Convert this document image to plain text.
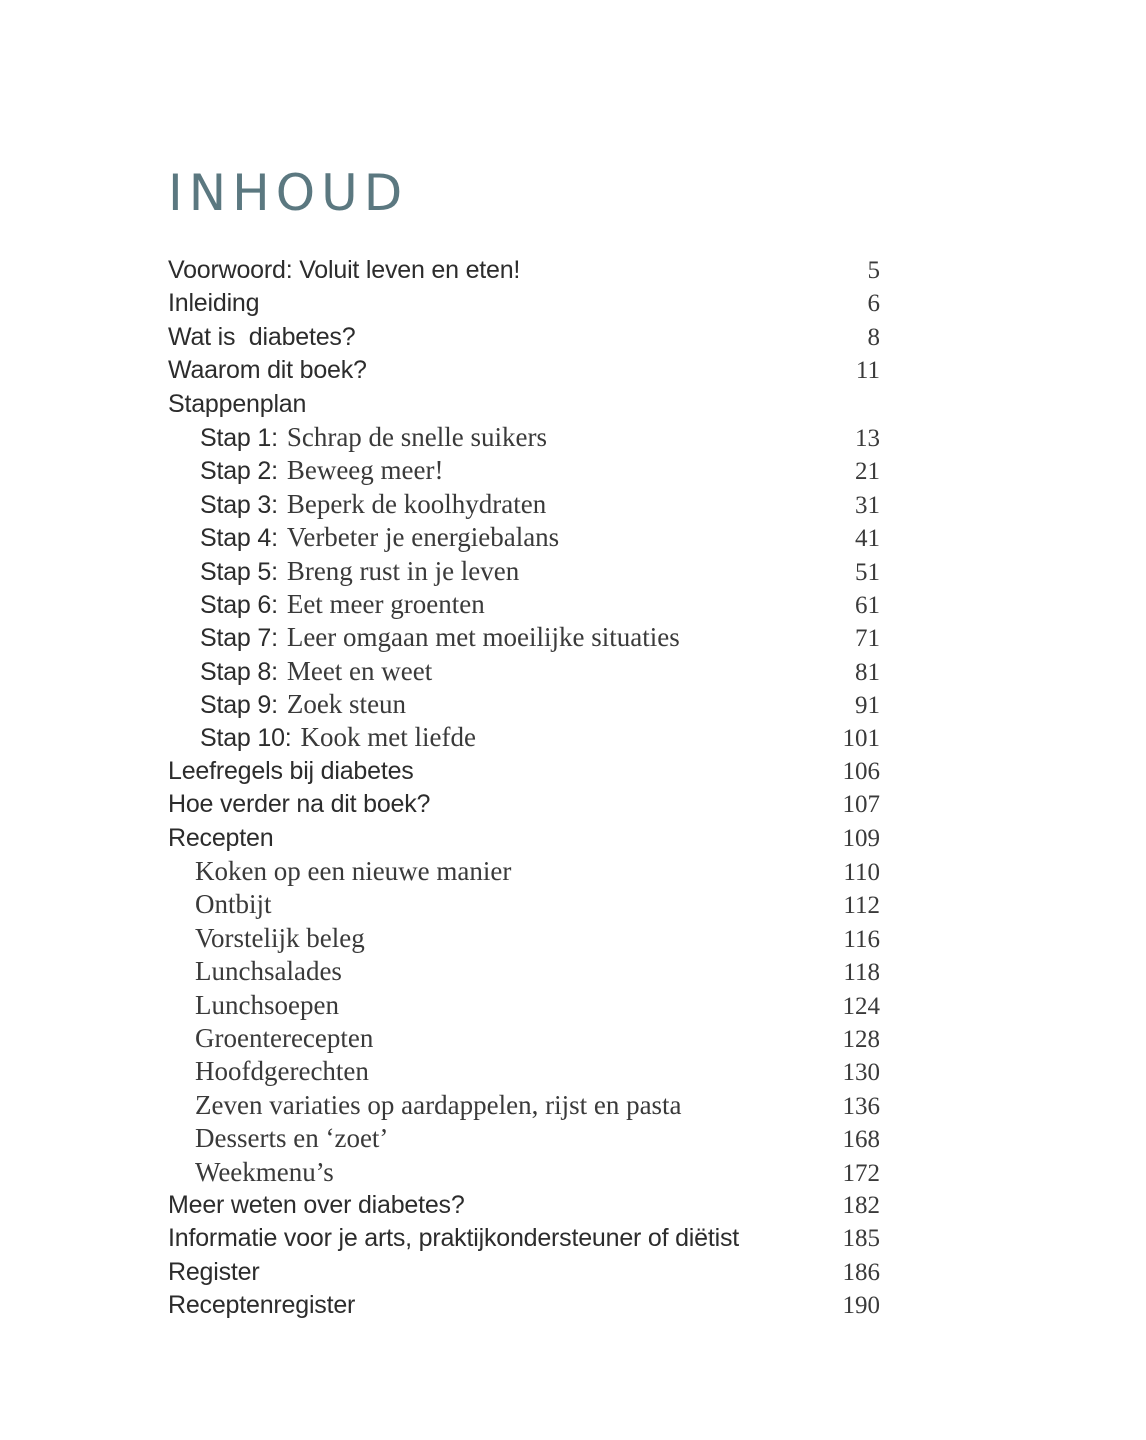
INHOUD
Voorwoord: Voluit leven en eten!	5
Inleiding	6
Wat is  diabetes?	8
Waarom dit boek?	11
Stappenplan
Stap 1: Schrap de snelle suikers	13
Stap 2: Beweeg meer!	21
Stap 3: Beperk de koolhydraten	31
Stap 4: Verbeter je energiebalans	41
Stap 5: Breng rust in je leven	51
Stap 6: Eet meer groenten	61
Stap 7: Leer omgaan met moeilijke situaties	71
Stap 8: Meet en weet	81
Stap 9: Zoek steun	91
Stap 10: Kook met liefde	101
Leefregels bij diabetes	106
Hoe verder na dit boek?	107
Recepten	109
Koken op een nieuwe manier	110
Ontbijt	112
Vorstelijk beleg	116
Lunchsalades	118
Lunchsoepen	124
Groenterecepten	128
Hoofdgerechten	130
Zeven variaties op aardappelen, rijst en pasta	136
Desserts en ‘zoet’	168
Weekmenu’s	172
Meer weten over diabetes?	182
Informatie voor je arts, praktijkondersteuner of diëtist	185
Register	186
Receptenregister	190
